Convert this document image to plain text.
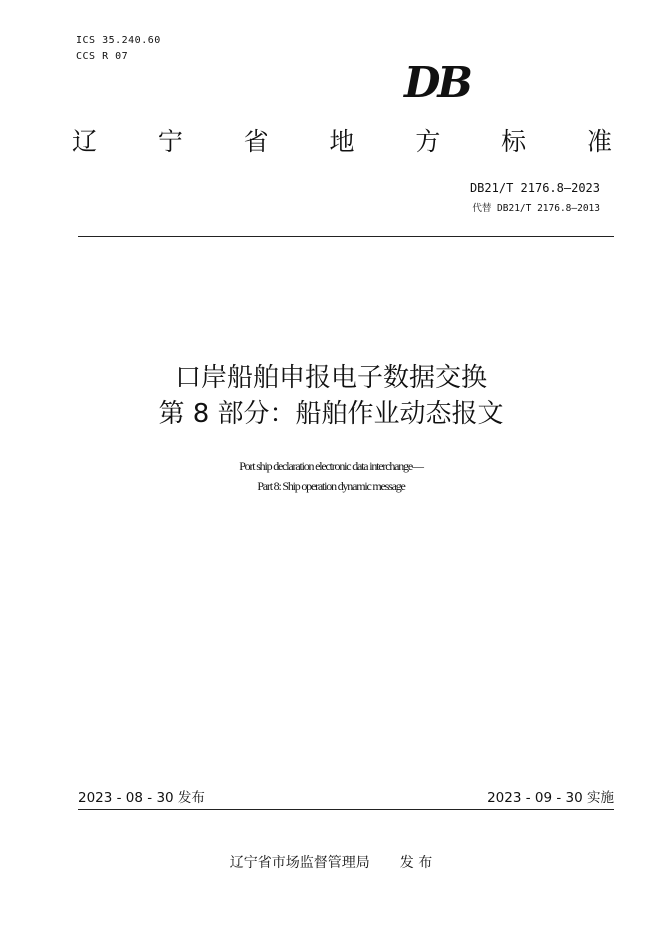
ICS 35.240.60
CCS R 07
DB
辽 宁 省 地 方 标 准
DB21/T 2176.8—2023
代替 DB21/T 2176.8—2013
口岸船舶申报电子数据交换
第 8 部分：船舶作业动态报文
Port ship declaration electronic data interchange—
Part 8: Ship operation dynamic message
2023 - 08 - 30 发布	2023 - 09 - 30 实施
辽宁省市场监督管理局 发 布
